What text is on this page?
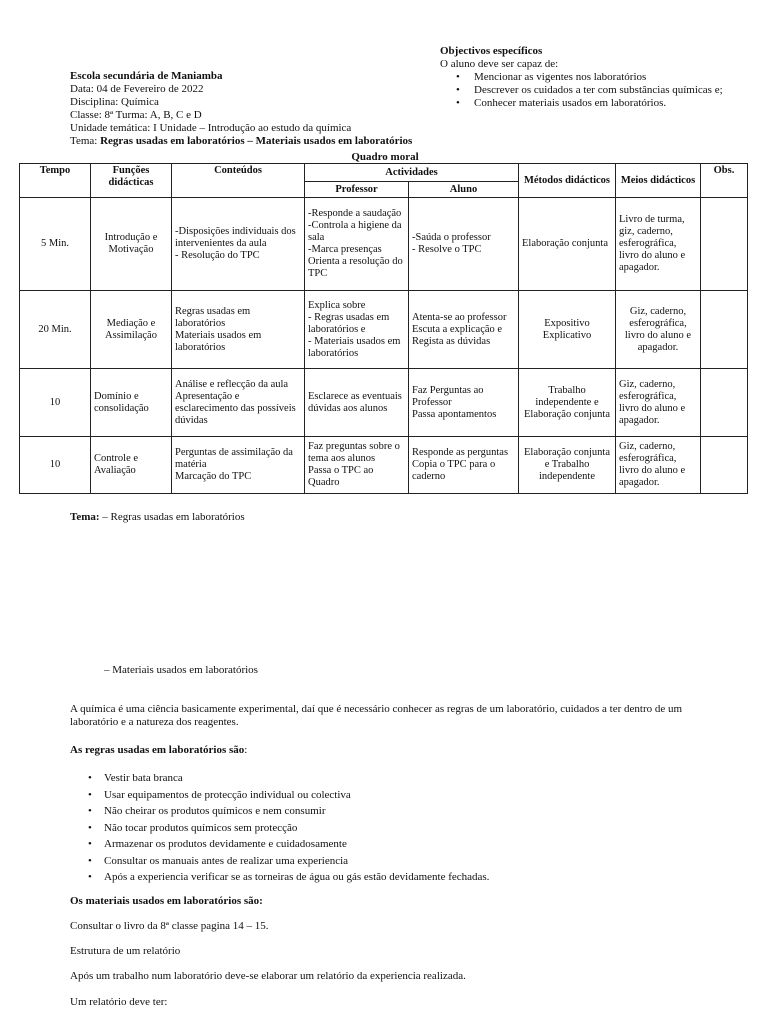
Objectivos específicos
O aluno deve ser capaz de:
• Mencionar as vigentes nos laboratórios
• Descrever os cuidados a ter com substâncias químicas e;
• Conhecer materiais usados em laboratórios.
Escola secundária de Maniamba
Data: 04 de Fevereiro de 2022
Disciplina: Química
Classe: 8ª Turma: A, B, C e D
Unidade temática: I Unidade – Introdução ao estudo da química
Tema: Regras usadas em laboratórios – Materiais usados em laboratórios
Quadro moral
Tempo	Funções didácticas	Conteúdos	Actividades		Métodos didácticos	Meios didácticos	Obs.
			Professor	Aluno			
5 Min.	Introdução e Motivação	-Disposições individuais dos intervenientes da aula
- Resolução do TPC	-Responde a saudação
-Controla a higiene da sala
-Marca presenças
Orienta a resolução do TPC	-Saúda o professor
- Resolve o TPC	Elaboração conjunta	Livro de turma, giz, caderno, esferográfica, livro do aluno e apagador.	
20 Min.	Mediação e Assimilação	Regras usadas em laboratórios
Materiais usados em laboratórios	Explica sobre
- Regras usadas em laboratórios e
- Materiais usados em laboratórios	Atenta-se ao professor
Escuta a explicação e Regista as dúvidas	Expositivo
Explicativo	Giz, caderno, esferográfica, livro do aluno e apagador.	
10	Domínio e consolidação	Análise e reflecção da aula
Apresentação e esclarecimento das possíveis dúvidas	Esclarece as eventuais dúvidas aos alunos	Faz Perguntas ao Professor
Passa apontamentos	Trabalho independente e Elaboração conjunta	Giz, caderno, esferográfica, livro do aluno e apagador.	
10	Controle e Avaliação	Perguntas de assimilação da matéria
Marcação do TPC	Faz preguntas sobre o tema aos alunos
Passa o TPC ao Quadro	Responde as perguntas
Copia o TPC para o caderno	Elaboração conjunta e Trabalho independente	Giz, caderno, esferográfica, livro do aluno e apagador.	
Tema: – Regras usadas em laboratórios
– Materiais usados em laboratórios
A química é uma ciência basicamente experimental, daí que é necessário conhecer as regras de um laboratório, cuidados a ter dentro de um laboratório e a natureza dos reagentes.
As regras usadas em laboratórios são:
• Vestir bata branca
• Usar equipamentos de protecção individual ou colectiva
• Não cheirar os produtos químicos e nem consumir
• Não tocar produtos químicos sem protecção
• Armazenar os produtos devidamente e cuidadosamente
• Consultar os manuais antes de realizar uma experiencia
• Após a experiencia verificar se as torneiras de água ou gás estão devidamente fechadas.
Os materiais usados em laboratórios são:
Consultar o livro da 8ª classe pagina 14 – 15.
Estrutura de um relatório
Após um trabalho num laboratório deve-se elaborar um relatório da experiencia realizada.
Um relatório deve ter:
